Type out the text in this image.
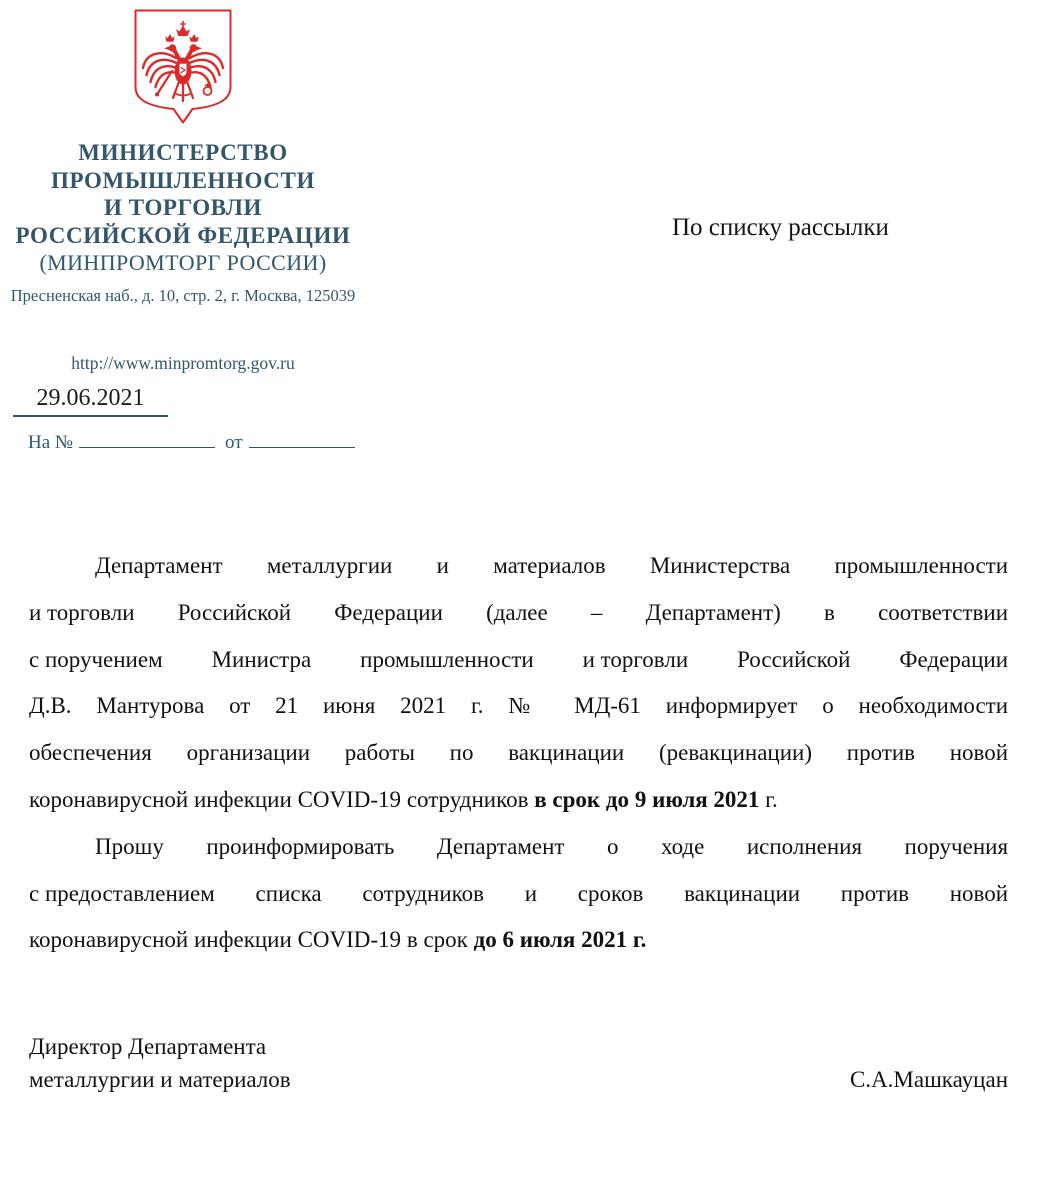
МИНИСТЕРСТВО
ПРОМЫШЛЕННОСТИ
И ТОРГОВЛИ
РОССИЙСКОЙ ФЕДЕРАЦИИ
(МИНПРОМТОРГ РОССИИ)
Пресненская наб., д. 10, стр. 2, г. Москва, 125039
http://www.minpromtorg.gov.ru
29.06.2021
На №	от
По списку рассылки
Департамент металлургии и материалов Министерства промышленности
и торговли Российской Федерации (далее – Департамент) в соответствии
с поручением Министра промышленности и торговли Российской Федерации
Д.В. Мантурова от 21 июня 2021 г. № МД-61 информирует о необходимости
обеспечения организации работы по вакцинации (ревакцинации) против новой
коронавирусной инфекции COVID-19 сотрудников в срок до 9 июля 2021 г.
Прошу проинформировать Департамент о ходе исполнения поручения
с предоставлением списка сотрудников и сроков вакцинации против новой
коронавирусной инфекции COVID-19 в срок до 6 июля 2021 г.
Директор Департамента
металлургии и материалов	С.А.Машкауцан
